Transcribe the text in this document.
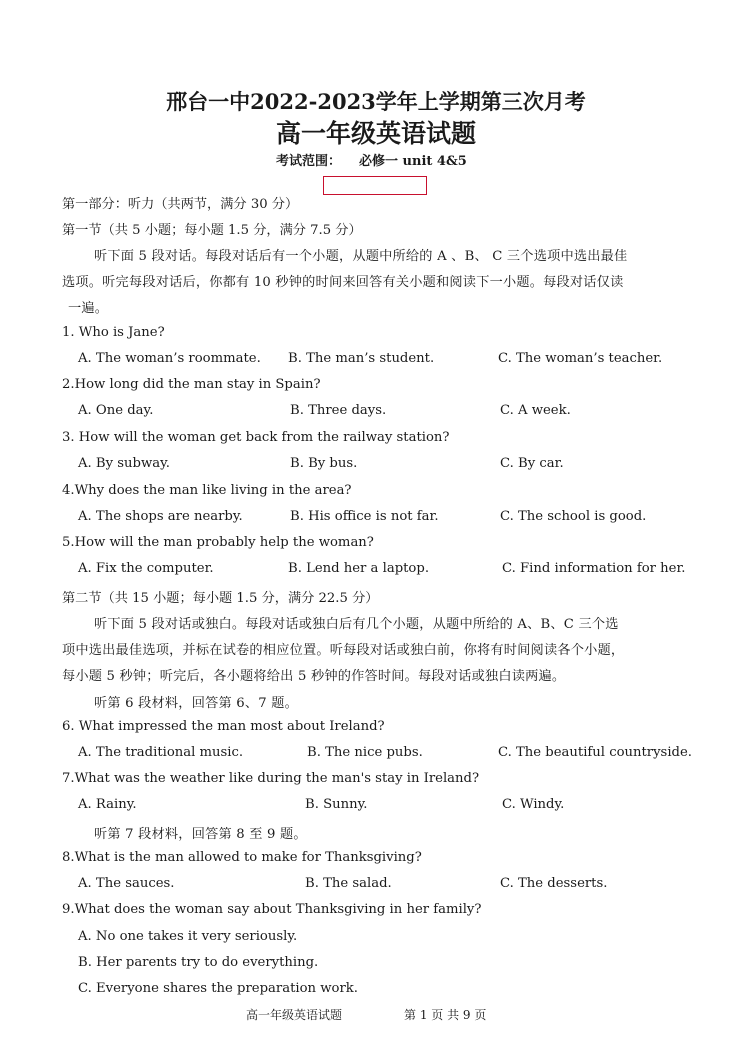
邢台一中2022-2023学年上学期第三次月考
高一年级英语试题
考试范围： 必修一 unit 4&5
第一部分：听力（共两节，满分 30 分）
第一节（共 5 小题；每小题 1.5 分，满分 7.5 分）
听下面 5 段对话。每段对话后有一个小题，从题中所给的 A 、B、 C 三个选项中选出最佳
选项。听完每段对话后，你都有 10 秒钟的时间来回答有关小题和阅读下一小题。每段对话仅读
一遍。
1. Who is Jane?
A. The woman’s roommate. B. The man’s student.	C. The woman’s teacher.
2.How long did the man stay in Spain?
A. One day.	B. Three days.	C. A week.
3. How will the woman get back from the railway station?
A. By subway.	B. By bus.	C. By car.
4.Why does the man like living in the area?
A. The shops are nearby.	B. His office is not far.	C. The school is good.
5.How will the man probably help the woman?
A. Fix the computer.	B. Lend her a laptop.	C. Find information for her.
第二节（共 15 小题；每小题 1.5 分，满分 22.5 分）
听下面 5 段对话或独白。每段对话或独白后有几个小题，从题中所给的 A、B、C 三个选
项中选出最佳选项，并标在试卷的相应位置。听每段对话或独白前，你将有时间阅读各个小题，
每小题 5 秒钟；听完后，各小题将给出 5 秒钟的作答时间。每段对话或独白读两遍。
听第 6 段材料，回答第 6、7 题。
6. What impressed the man most about Ireland?
A. The traditional music.	B. The nice pubs.	C. The beautiful countryside.
7.What was the weather like during the man's stay in Ireland?
A. Rainy.	B. Sunny.	C. Windy.
听第 7 段材料，回答第 8 至 9 题。
8.What is the man allowed to make for Thanksgiving?
A. The sauces.	B. The salad.	C. The desserts.
9.What does the woman say about Thanksgiving in her family?
A. No one takes it very seriously.
B. Her parents try to do everything.
C. Everyone shares the preparation work.
高一年级英语试题	第 1 页 共 9 页
